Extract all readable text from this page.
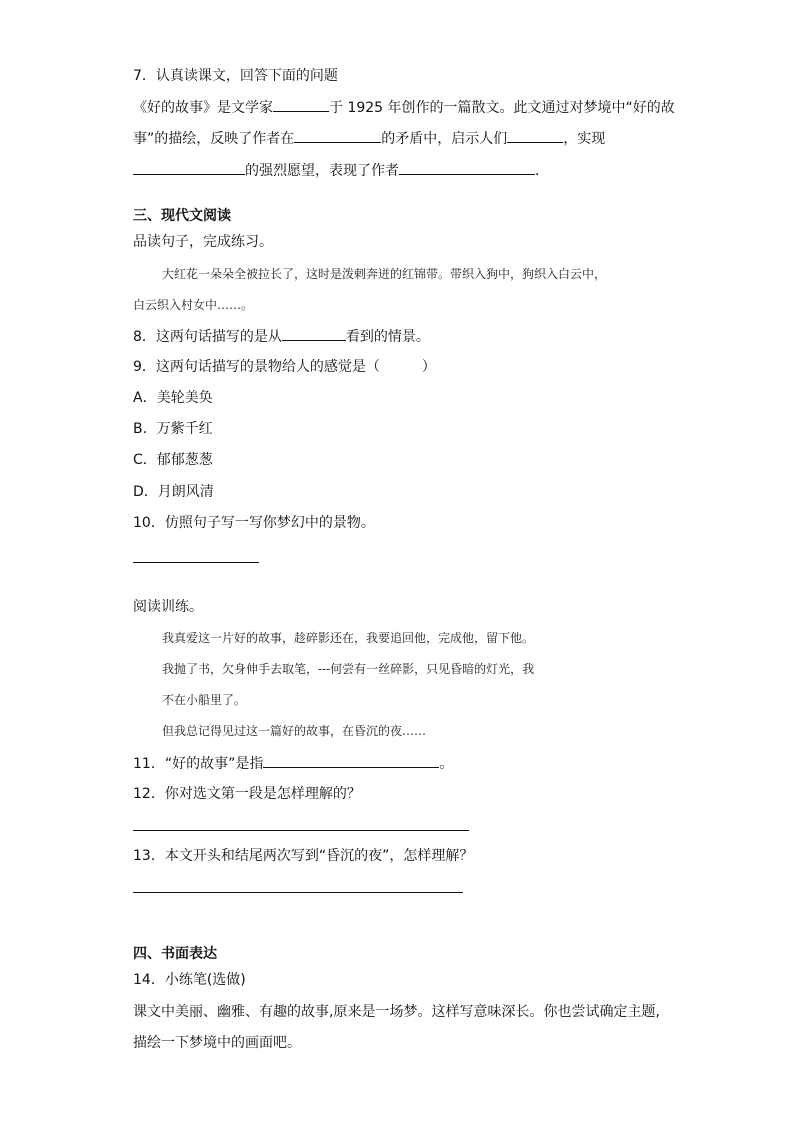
7．认真读课文，回答下面的问题
《好的故事》是文学家	于 1925 年创作的一篇散文。此文通过对梦境中“好的故
事”的描绘，反映了作者在	的矛盾中，启示人们	，实现
的强烈愿望，表现了作者	.
三、现代文阅读
品读句子，完成练习。
大红花一朵朵全被拉长了，这时是泼剌奔迸的红锦带。带织入狗中，狗织入白云中，
白云织入村女中……。
8．这两句话描写的是从	看到的情景。
9．这两句话描写的景物给人的感觉是（　　　）
A．美轮美奂
B．万紫千红
C．郁郁葱葱
D．月朗风清
10．仿照句子写一写你梦幻中的景物。
阅读训练。
我真爱这一片好的故事，趁碎影还在，我要追回他，完成他，留下他。
我抛了书，欠身伸手去取笔，---何尝有一丝碎影，只见昏暗的灯光，我
不在小船里了。
但我总记得见过这一篇好的故事，在昏沉的夜……
11．“好的故事”是指	。
12．你对选文第一段是怎样理解的？
13．本文开头和结尾两次写到“昏沉的夜”，怎样理解？
四、书面表达
14．小练笔(选做)
课文中美丽、幽雅、有趣的故事,原来是一场梦。这样写意味深长。你也尝试确定主题,
描绘一下梦境中的画面吧。
